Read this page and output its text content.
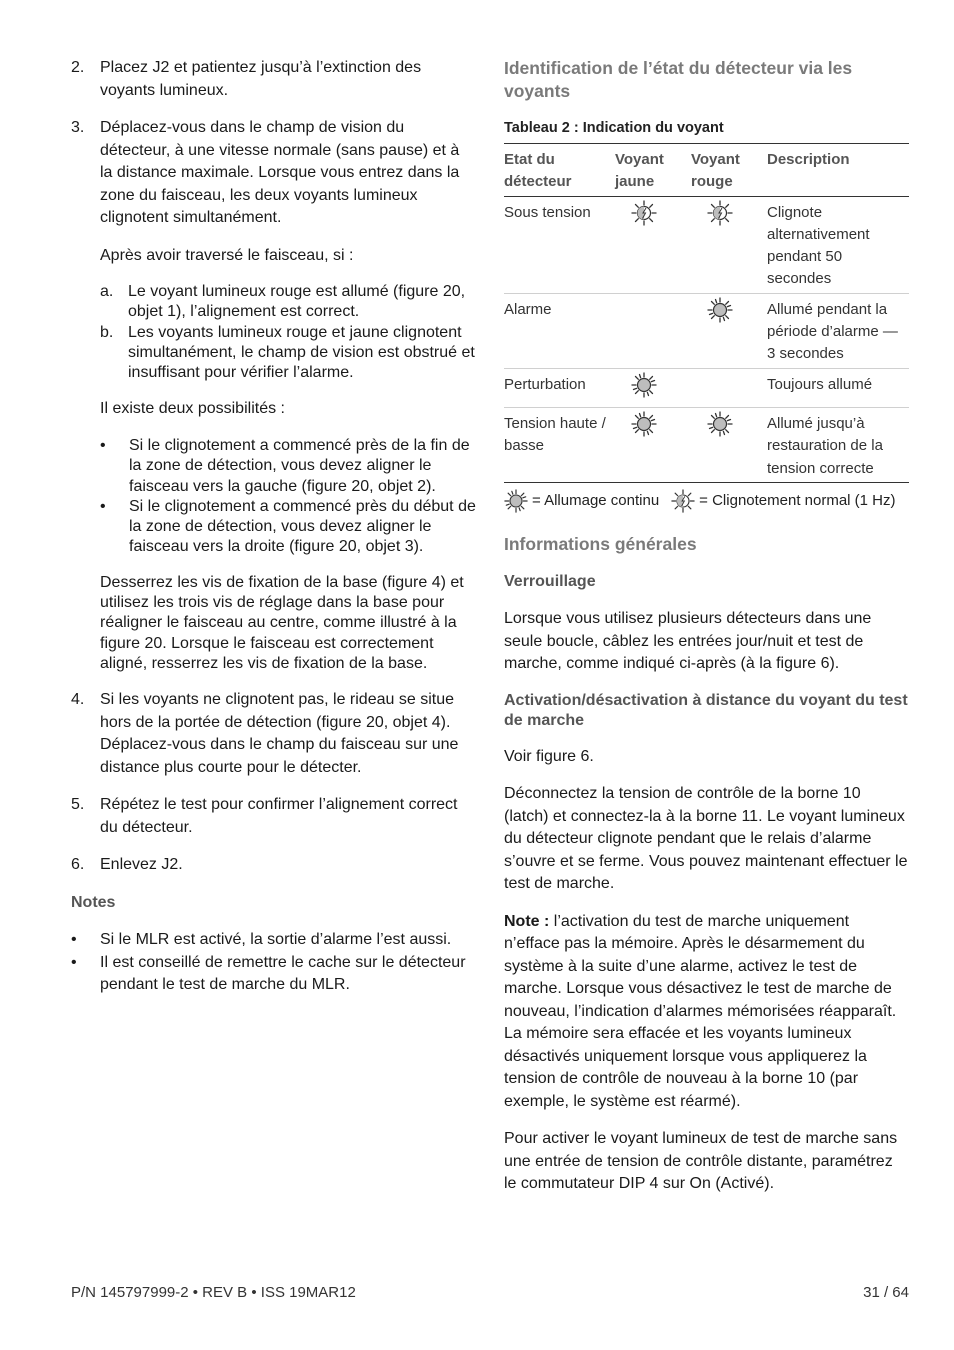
2. Placez J2 et patientez jusqu’à l’extinction des voyants lumineux.
3. Déplacez-vous dans le champ de vision du détecteur, à une vitesse normale (sans pause) et à la distance maximale. Lorsque vous entrez dans la zone du faisceau, les deux voyants lumineux clignotent simultanément.

Après avoir traversé le faisceau, si :

a. Le voyant lumineux rouge est allumé (figure 20, objet 1), l’alignement est correct.
b. Les voyants lumineux rouge et jaune clignotent simultanément, le champ de vision est obstrué et insuffisant pour vérifier l’alarme.

Il existe deux possibilités :

• Si le clignotement a commencé près de la fin de la zone de détection, vous devez aligner le faisceau vers la gauche (figure 20, objet 2).
• Si le clignotement a commencé près du début de la zone de détection, vous devez aligner le faisceau vers la droite (figure 20, objet 3).

Desserrez les vis de fixation de la base (figure 4) et utilisez les trois vis de réglage dans la base pour réaligner le faisceau au centre, comme illustré à la figure 20. Lorsque le faisceau est correctement aligné, resserrez les vis de fixation de la base.

4. Si les voyants ne clignotent pas, le rideau se situe hors de la portée de détection (figure 20, objet 4). Déplacez-vous dans le champ du faisceau sur une distance plus courte pour le détecter.
5. Répétez le test pour confirmer l’alignement correct du détecteur.
6. Enlevez J2.
Notes
• Si le MLR est activé, la sortie d’alarme l’est aussi.
• Il est conseillé de remettre le cache sur le détecteur pendant le test de marche du MLR.
Identification de l’état du détecteur via les voyants
Tableau 2 : Indication du voyant
Etat du détecteur	Voyant jaune	Voyant rouge	Description
Sous tension			Clignote alternativement pendant 50 secondes
Alarme			Allumé pendant la période d’alarme — 3 secondes
Perturbation			Toujours allumé
Tension haute / basse			Allumé jusqu’à restauration de la tension correcte
= Allumage continu	= Clignotement normal (1 Hz)
Informations générales
Verrouillage

Lorsque vous utilisez plusieurs détecteurs dans une seule boucle, câblez les entrées jour/nuit et test de marche, comme indiqué ci-après (à la figure 6).

Activation/désactivation à distance du voyant du test de marche

Voir figure 6.

Déconnectez la tension de contrôle de la borne 10 (latch) et connectez-la à la borne 11. Le voyant lumineux du détecteur clignote pendant que le relais d’alarme s’ouvre et se ferme. Vous pouvez maintenant effectuer le test de marche.

Note : l’activation du test de marche uniquement n’efface pas la mémoire. Après le désarmement du système à la suite d’une alarme, activez le test de marche. Lorsque vous désactivez le test de marche de nouveau, l’indication d’alarmes mémorisées réapparaît. La mémoire sera effacée et les voyants lumineux désactivés uniquement lorsque vous appliquerez la tension de contrôle de nouveau à la borne 10 (par exemple, le système est réarmé).

Pour activer le voyant lumineux de test de marche sans une entrée de tension de contrôle distante, paramétrez le commutateur DIP 4 sur On (Activé).

P/N 145797999-2 • REV B • ISS 19MAR12	31 / 64
